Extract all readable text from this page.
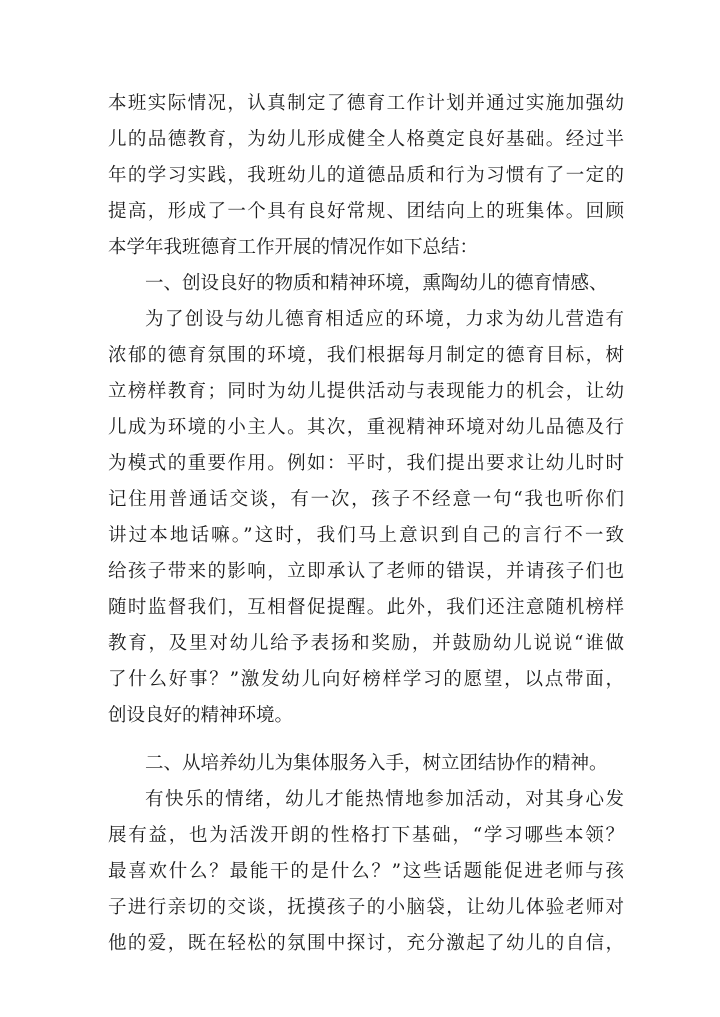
本班实际情况，认真制定了德育工作计划并通过实施加强幼
儿的品德教育，为幼儿形成健全人格奠定良好基础。经过半
年的学习实践，我班幼儿的道德品质和行为习惯有了一定的
提高，形成了一个具有良好常规、团结向上的班集体。回顾
本学年我班德育工作开展的情况作如下总结：
一、创设良好的物质和精神环境，熏陶幼儿的德育情感、
为了创设与幼儿德育相适应的环境，力求为幼儿营造有
浓郁的德育氛围的环境，我们根据每月制定的德育目标，树
立榜样教育；同时为幼儿提供活动与表现能力的机会，让幼
儿成为环境的小主人。其次，重视精神环境对幼儿品德及行
为模式的重要作用。例如：平时，我们提出要求让幼儿时时
记住用普通话交谈，有一次，孩子不经意一句“我也听你们
讲过本地话嘛。”这时，我们马上意识到自己的言行不一致
给孩子带来的影响，立即承认了老师的错误，并请孩子们也
随时监督我们，互相督促提醒。此外，我们还注意随机榜样
教育，及里对幼儿给予表扬和奖励，并鼓励幼儿说说“谁做
了什么好事？”激发幼儿向好榜样学习的愿望，以点带面，
创设良好的精神环境。
二、从培养幼儿为集体服务入手，树立团结协作的精神。
有快乐的情绪，幼儿才能热情地参加活动，对其身心发
展有益，也为活泼开朗的性格打下基础，“学习哪些本领？
最喜欢什么？最能干的是什么？”这些话题能促进老师与孩
子进行亲切的交谈，抚摸孩子的小脑袋，让幼儿体验老师对
他的爱，既在轻松的氛围中探讨，充分激起了幼儿的自信，
